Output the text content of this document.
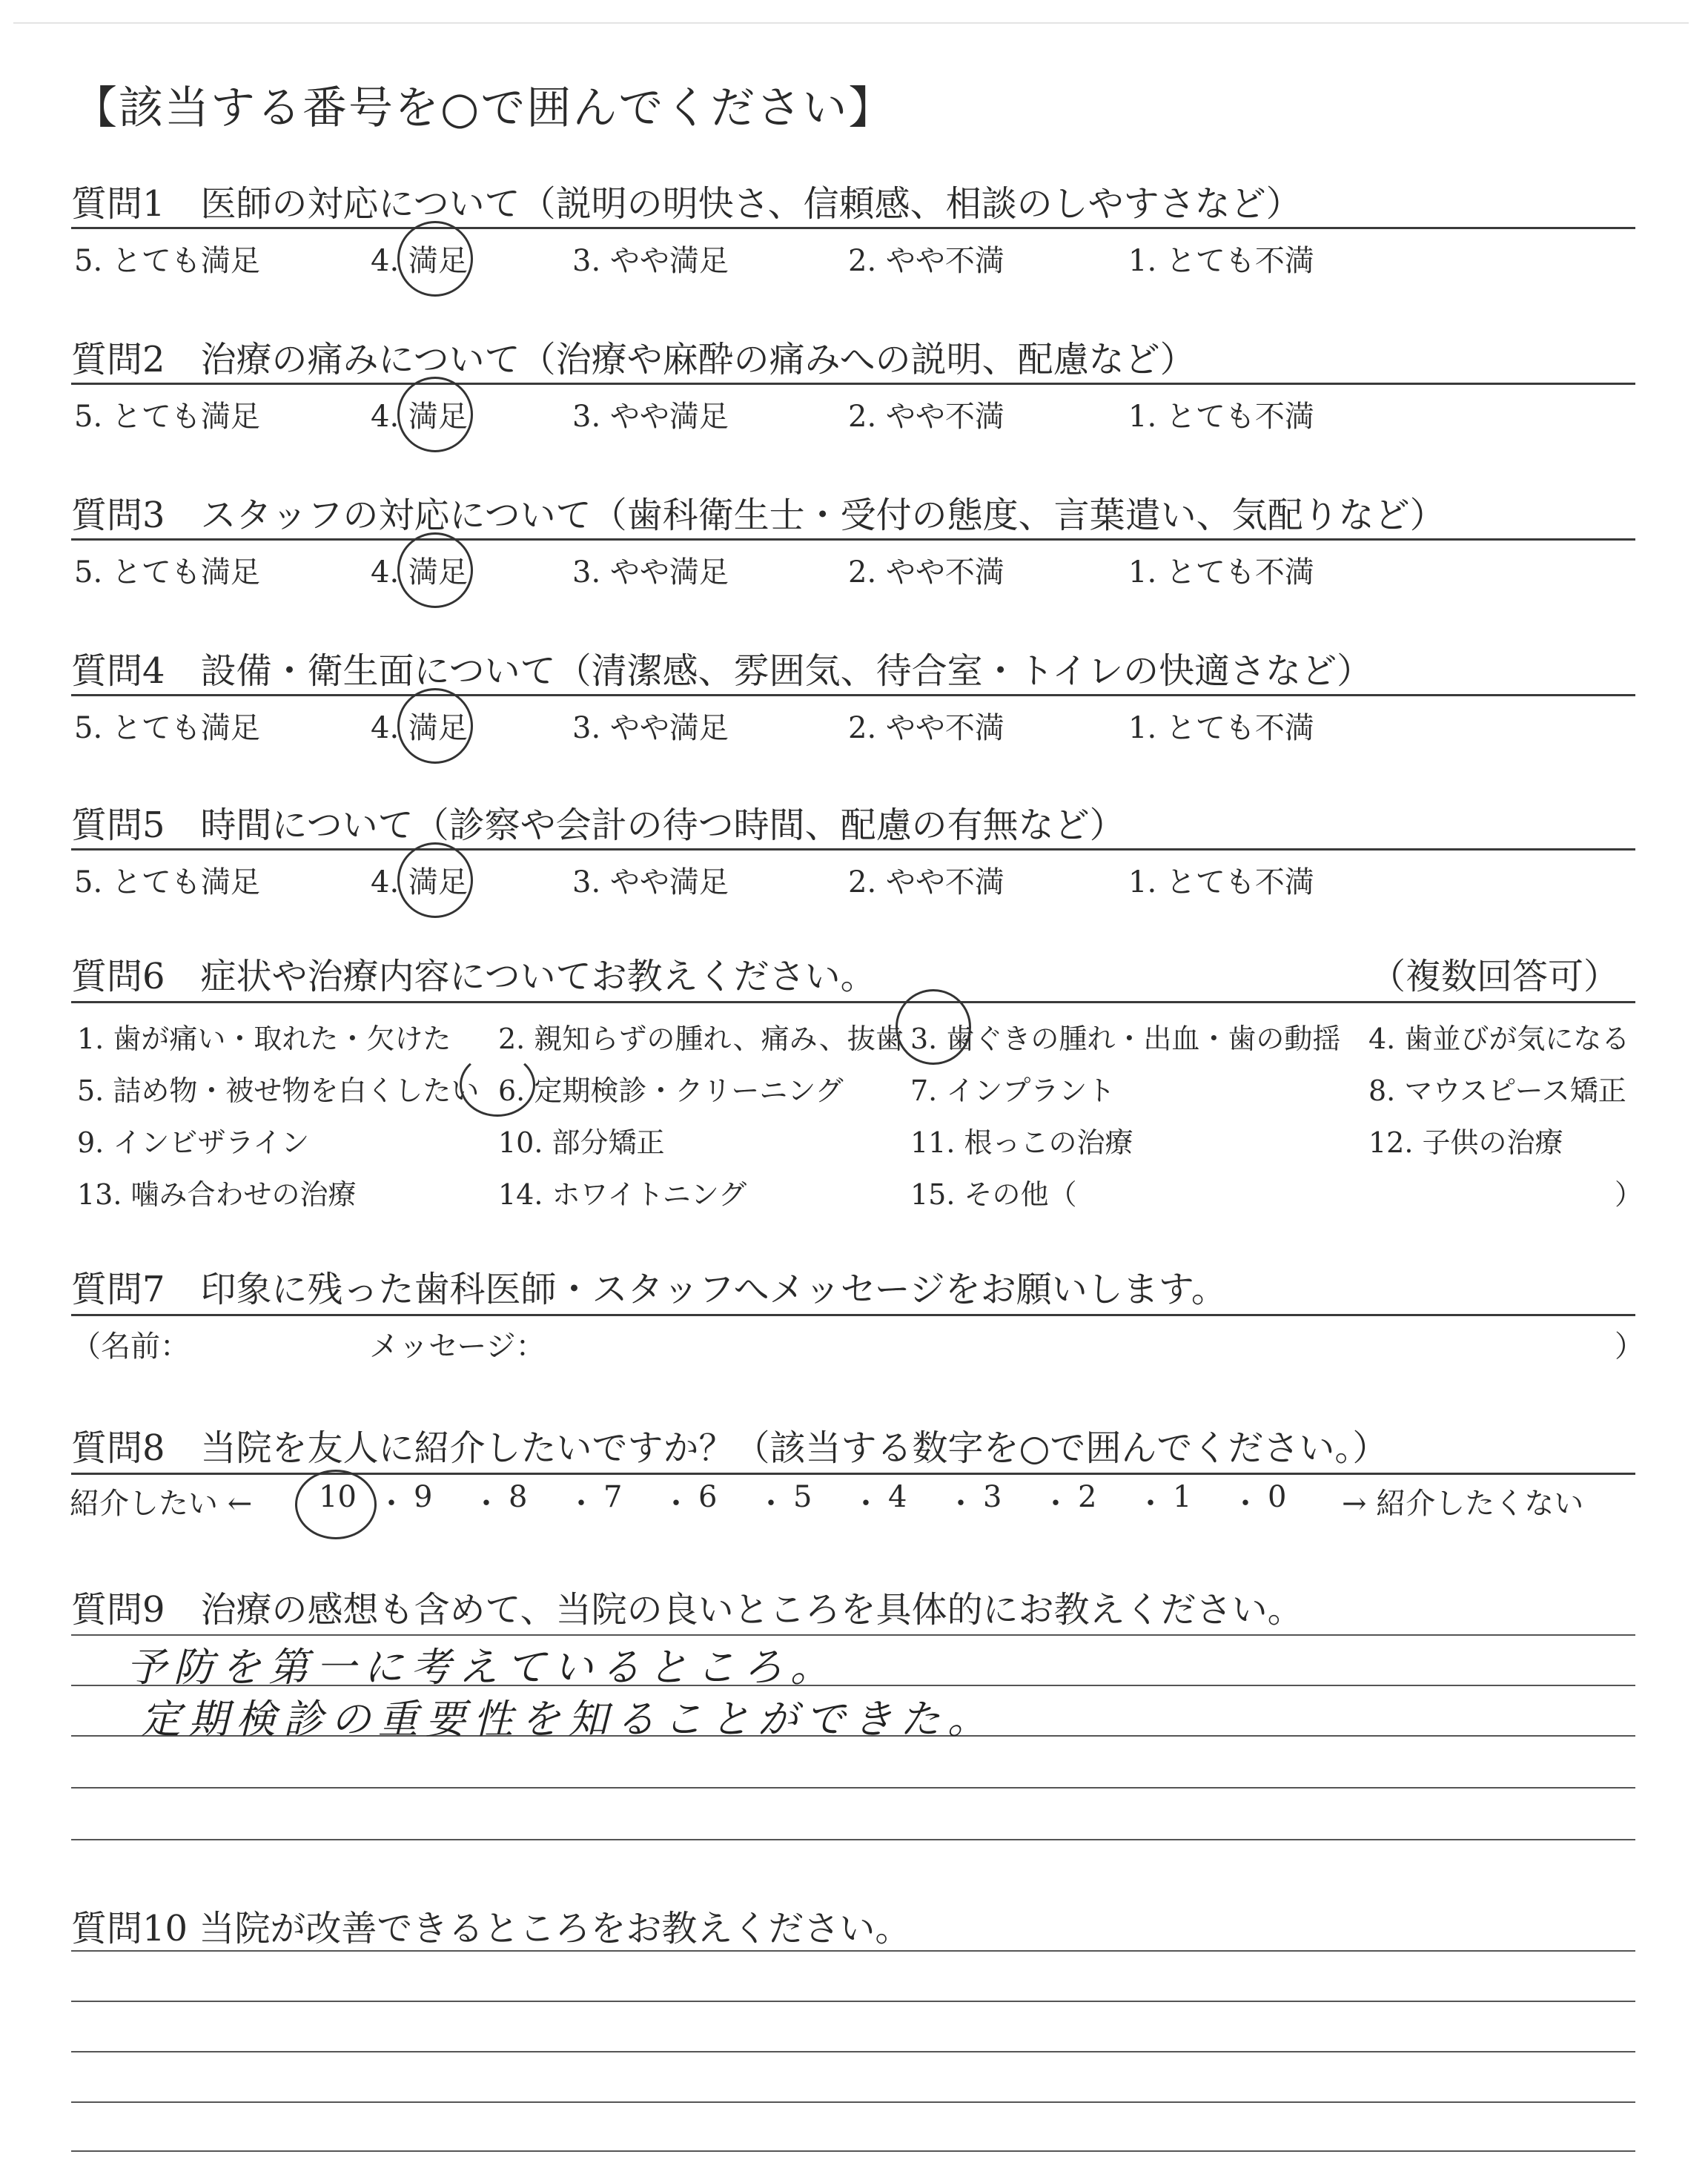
【該当する番号を○で囲んでください】
質問1　医師の対応について（説明の明快さ、信頼感、相談のしやすさなど）
5. とても満足	4. 満足	3. やや満足	2. やや不満	1. とても不満
質問2　治療の痛みについて（治療や麻酔の痛みへの説明、配慮など）
5. とても満足	4. 満足	3. やや満足	2. やや不満	1. とても不満
質問3　スタッフの対応について（歯科衛生士・受付の態度、言葉遣い、気配りなど）
5. とても満足	4. 満足	3. やや満足	2. やや不満	1. とても不満
質問4　設備・衛生面について（清潔感、雰囲気、待合室・トイレの快適さなど）
5. とても満足	4. 満足	3. やや満足	2. やや不満	1. とても不満
質問5　時間について（診察や会計の待つ時間、配慮の有無など）
5. とても満足	4. 満足	3. やや満足	2. やや不満	1. とても不満
質問6　症状や治療内容についてお教えください。	（複数回答可）
1. 歯が痛い・取れた・欠けた 2. 親知らずの腫れ、痛み、抜歯 3. 歯ぐきの腫れ・出血・歯の動揺 4. 歯並びが気になる
5. 詰め物・被せ物を白くしたい 6. 定期検診・クリーニング 7. インプラント	8. マウスピース矯正
9. インビザライン	10. 部分矯正	11. 根っこの治療	12. 子供の治療
13. 噛み合わせの治療	14. ホワイトニング	15. その他（	）
質問7　印象に残った歯科医師・スタッフへメッセージをお願いします。
（名前：	メッセージ：	）
質問8　当院を友人に紹介したいですか？（該当する数字を○で囲んでください。）
紹介したい ←	→ 紹介したくない
10 ・ 9 ・ 8 ・ 7 ・ 6 ・ 5 ・ 4 ・ 3 ・ 2 ・ 1 ・ 0
質問9　治療の感想も含めて、当院の良いところを具体的にお教えください。
予防を第一に考えているところ。
定期検診の重要性を知ることができた。
質問10 当院が改善できるところをお教えください。
